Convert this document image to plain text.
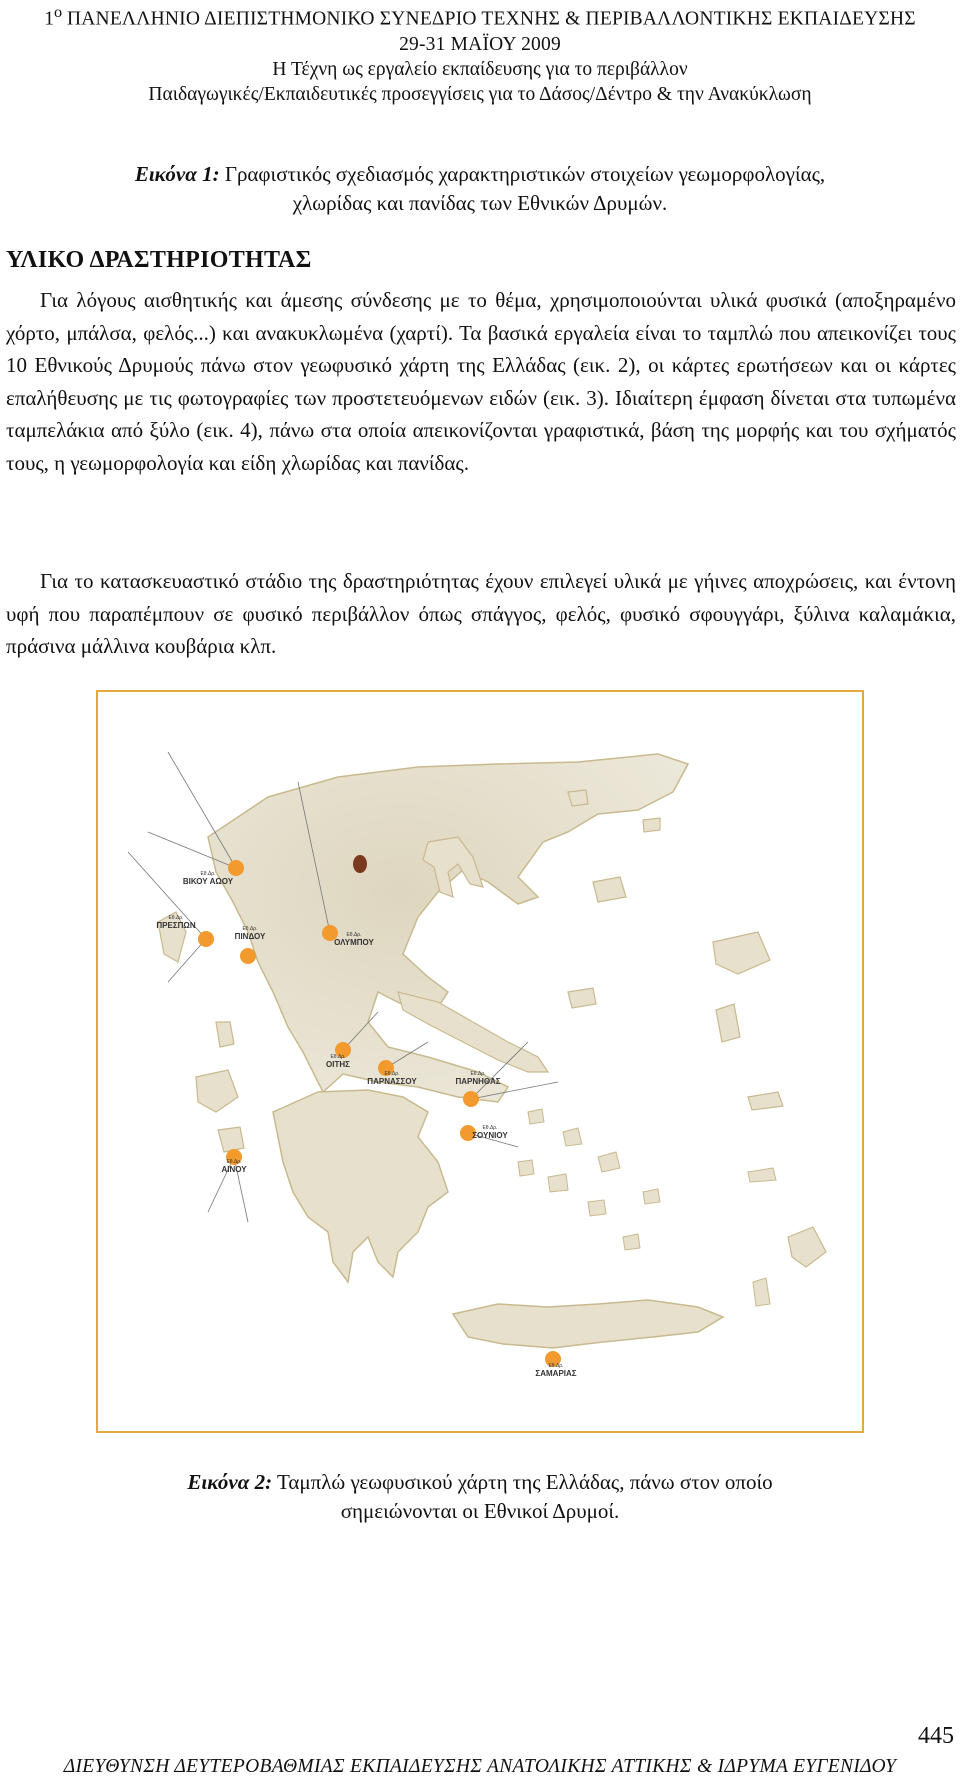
$1^o$ ΠΑΝΕΛΛΗΝΙΟ ΔΙΕΠΙΣΤΗΜΟΝΙΚΟ ΣΥΝΕΔΡΙΟ ΤΕΧΝΗΣ & ΠΕΡΙΒΑΛΛΟΝΤΙΚΗΣ ΕΚΠΑΙΔΕΥΣΗΣ
29-31 ΜΑΪΟΥ 2009
Η Τέχνη ως εργαλείο εκπαίδευσης για το περιβάλλον
Παιδαγωγικές/Εκπαιδευτικές προσεγγίσεις για το Δάσος/Δέντρο & την Ανακύκλωση
Εικόνα 1: Γραφιστικός σχεδιασμός χαρακτηριστικών στοιχείων γεωμορφολογίας,
χλωρίδας και πανίδας των Εθνικών Δρυμών.
ΥΛΙΚΟ ΔΡΑΣΤΗΡΙΟΤΗΤΑΣ

Για λόγους αισθητικής και άμεσης σύνδεσης με το θέμα, χρησιμοποιούνται υλικά φυσικά (αποξηραμένο χόρτο, μπάλσα, φελός...) και ανακυκλωμένα (χαρτί). Τα βασικά εργαλεία είναι το ταμπλώ που απεικονίζει τους 10 Εθνικούς Δρυμούς πάνω στον γεωφυσικό χάρτη της Ελλάδας (εικ. 2), οι κάρτες ερωτήσεων και οι κάρτες επαλήθευσης με τις φωτογραφίες των προστετευόμενων ειδών (εικ. 3). Ιδιαίτερη έμφαση δίνεται στα τυπωμένα ταμπελάκια από ξύλο (εικ. 4), πάνω στα οποία απεικονίζονται γραφιστικά, βάση της μορφής και του σχήματός τους, η γεωμορφολογία και είδη χλωρίδας και πανίδας.

Για το κατασκευαστικό στάδιο της δραστηριότητας έχουν επιλεγεί υλικά με γήινες αποχρώσεις, και έντονη υφή που παραπέμπουν σε φυσικό περιβάλλον όπως σπάγγος, φελός, φυσικό σφουγγάρι, ξύλινα καλαμάκια, πράσινα μάλλινα κουβάρια κλπ.

Εθ.Δρ.
ΒΙΚΟΥ ΑΩΟΥ
Εθ.Δρ.
ΠΡΕΣΠΩΝ	Εθ.Δρ.
ΠΙΝΔΟΥ	Εθ.Δρ.
ΟΛΥΜΠΟΥ
Εθ.Δρ.
ΟΙΤΗΣ
Εθ.Δρ.
ΠΑΡΝΑΣΣΟΥ
Εθ.Δρ.
ΠΑΡΝΗΘΑΣ
Εθ.Δρ.
ΣΟΥΝΙΟΥ
Εθ.Δρ.
ΑΙΝΟΥ
Εθ.Δρ.
ΣΑΜΑΡΙΑΣ
Εικόνα 2: Ταμπλώ γεωφυσικού χάρτη της Ελλάδας, πάνω στον οποίο
σημειώνονται οι Εθνικοί Δρυμοί.
445
ΔΙΕΥΘΥΝΣΗ ΔΕΥΤΕΡΟΒΑΘΜΙΑΣ ΕΚΠΑΙΔΕΥΣΗΣ ΑΝΑΤΟΛΙΚΗΣ ΑΤΤΙΚΗΣ & ΙΔΡΥΜΑ ΕΥΓΕΝΙΔΟΥ
